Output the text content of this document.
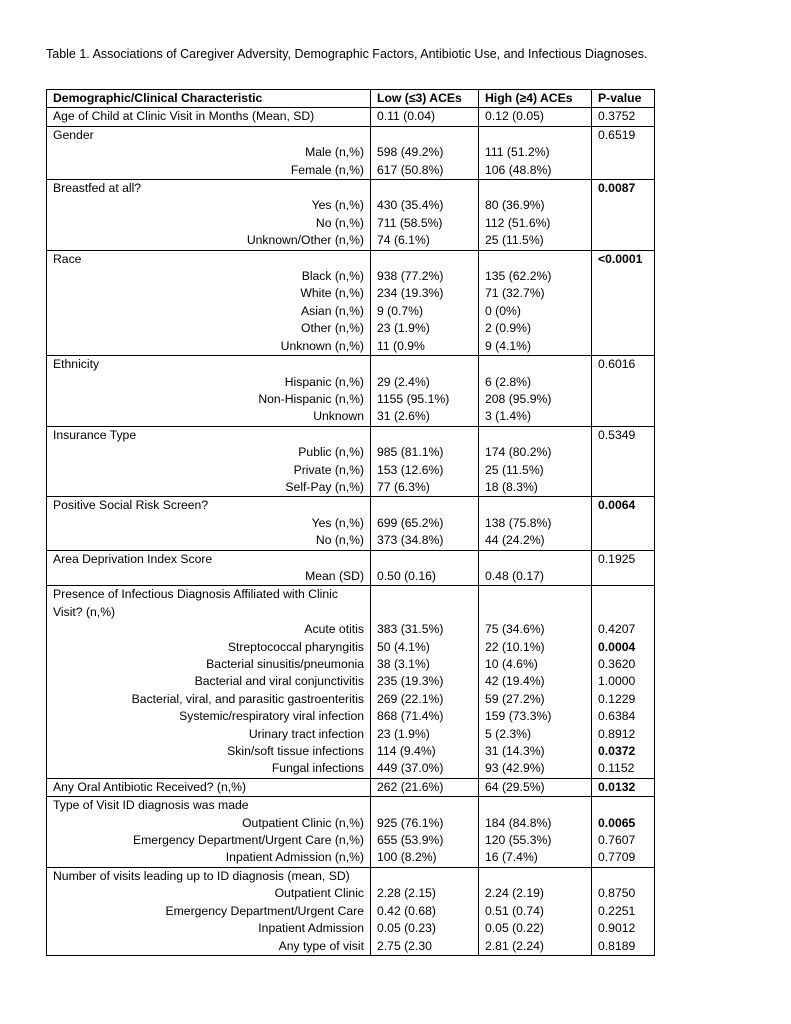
Table 1. Associations of Caregiver Adversity, Demographic Factors, Antibiotic Use, and Infectious Diagnoses.
Demographic/Clinical Characteristic	Low (≤3) ACEs	High (≥4) ACEs	P-value
Age of Child at Clinic Visit in Months (Mean, SD)	0.11 (0.04)	0.12 (0.05)	0.3752
Gender			0.6519
Male (n,%)	598 (49.2%)	111 (51.2%)	
Female (n,%)	617 (50.8%)	106 (48.8%)	
Breastfed at all?			0.0087
Yes (n,%)	430 (35.4%)	80 (36.9%)	
No (n,%)	711 (58.5%)	112 (51.6%)	
Unknown/Other (n,%)	74 (6.1%)	25 (11.5%)	
Race			<0.0001
Black (n,%)	938 (77.2%)	135 (62.2%)	
White (n,%)	234 (19.3%)	71 (32.7%)	
Asian (n,%)	9 (0.7%)	0 (0%)	
Other (n,%)	23 (1.9%)	2 (0.9%)	
Unknown (n,%)	11 (0.9%	9 (4.1%)	
Ethnicity			0.6016
Hispanic (n,%)	29 (2.4%)	6 (2.8%)	
Non-Hispanic (n,%)	1155 (95.1%)	208 (95.9%)	
Unknown	31 (2.6%)	3 (1.4%)	
Insurance Type			0.5349
Public (n,%)	985 (81.1%)	174 (80.2%)	
Private (n,%)	153 (12.6%)	25 (11.5%)	
Self-Pay (n,%)	77 (6.3%)	18 (8.3%)	
Positive Social Risk Screen?			0.0064
Yes (n,%)	699 (65.2%)	138 (75.8%)	
No (n,%)	373 (34.8%)	44 (24.2%)	
Area Deprivation Index Score			0.1925
Mean (SD)	0.50 (0.16)	0.48 (0.17)	
Presence of Infectious Diagnosis Affiliated with Clinic Visit? (n,%)			
Acute otitis	383 (31.5%)	75 (34.6%)	0.4207
Streptococcal pharyngitis	50 (4.1%)	22 (10.1%)	0.0004
Bacterial sinusitis/pneumonia	38 (3.1%)	10 (4.6%)	0.3620
Bacterial and viral conjunctivitis	235 (19.3%)	42 (19.4%)	1.0000
Bacterial, viral, and parasitic gastroenteritis	269 (22.1%)	59 (27.2%)	0.1229
Systemic/respiratory viral infection	868 (71.4%)	159 (73.3%)	0.6384
Urinary tract infection	23 (1.9%)	5 (2.3%)	0.8912
Skin/soft tissue infections	114 (9.4%)	31 (14.3%)	0.0372
Fungal infections	449 (37.0%)	93 (42.9%)	0.1152
Any Oral Antibiotic Received? (n,%)	262 (21.6%)	64 (29.5%)	0.0132
Type of Visit ID diagnosis was made			
Outpatient Clinic (n,%)	925 (76.1%)	184 (84.8%)	0.0065
Emergency Department/Urgent Care (n,%)	655 (53.9%)	120 (55.3%)	0.7607
Inpatient Admission (n,%)	100 (8.2%)	16 (7.4%)	0.7709
Number of visits leading up to ID diagnosis (mean, SD)			
Outpatient Clinic	2.28 (2.15)	2.24 (2.19)	0.8750
Emergency Department/Urgent Care	0.42 (0.68)	0.51 (0.74)	0.2251
Inpatient Admission	0.05 (0.23)	0.05 (0.22)	0.9012
Any type of visit	2.75 (2.30	2.81 (2.24)	0.8189
